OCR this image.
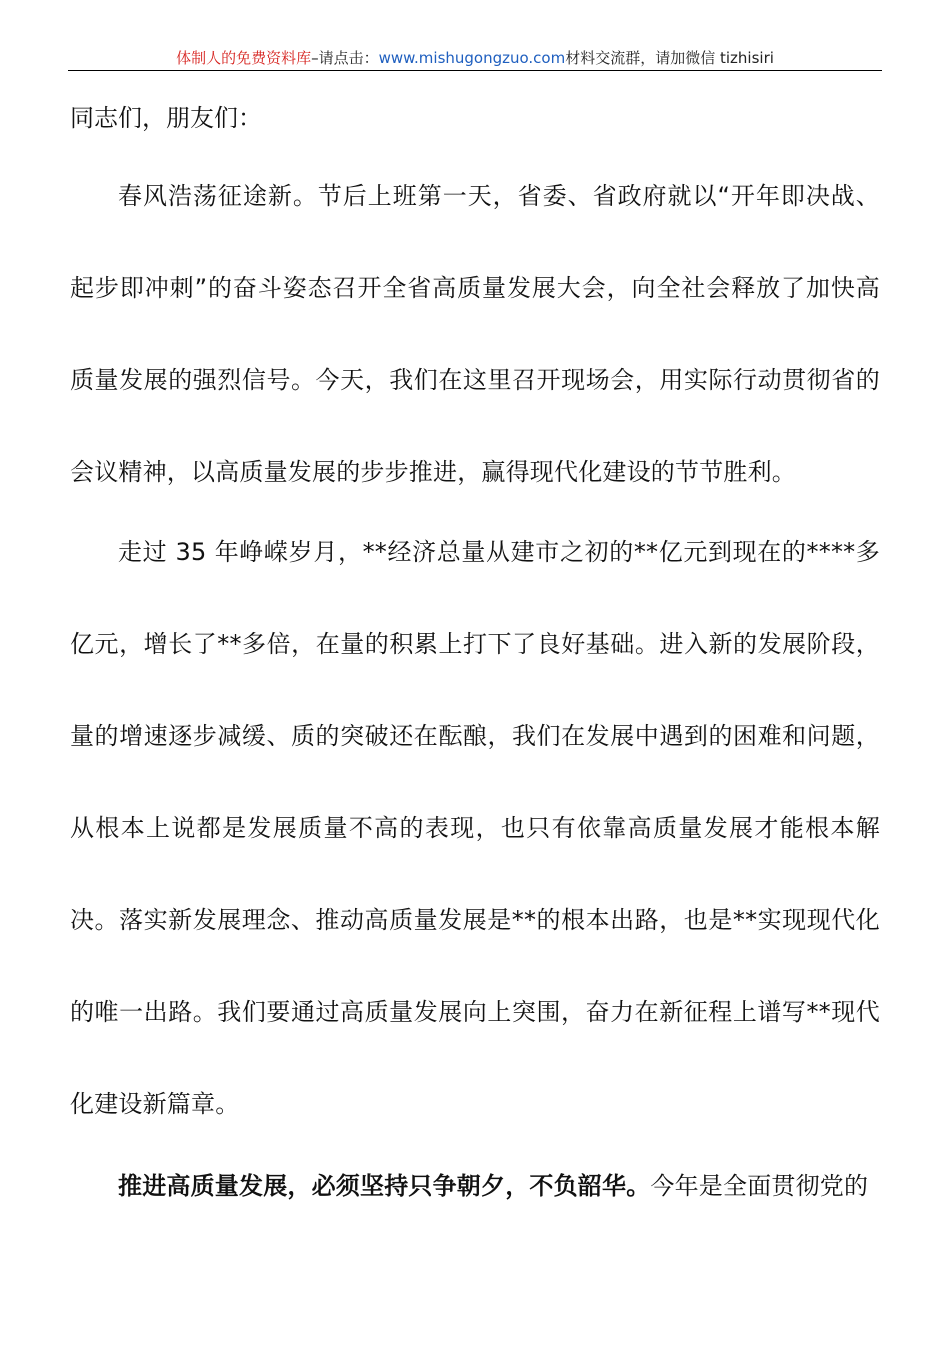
体制人的免费资料库–请点击：www.mishugongzuo.com材料交流群，请加微信 tizhisiri
同志们，朋友们：

春风浩荡征途新。节后上班第一天，省委、省政府就以“开年即决战、起步即冲刺”的奋斗姿态召开全省高质量发展大会，向全社会释放了加快高质量发展的强烈信号。今天，我们在这里召开现场会，用实际行动贯彻省的会议精神，以高质量发展的步步推进，赢得现代化建设的节节胜利。

走过 35 年峥嵘岁月，**经济总量从建市之初的**亿元到现在的****多亿元，增长了**多倍，在量的积累上打下了良好基础。进入新的发展阶段，量的增速逐步减缓、质的突破还在酝酿，我们在发展中遇到的困难和问题，从根本上说都是发展质量不高的表现，也只有依靠高质量发展才能根本解决。落实新发展理念、推动高质量发展是**的根本出路，也是**实现现代化的唯一出路。我们要通过高质量发展向上突围，奋力在新征程上谱写**现代化建设新篇章。

推进高质量发展，必须坚持只争朝夕，不负韶华。今年是全面贯彻党的
